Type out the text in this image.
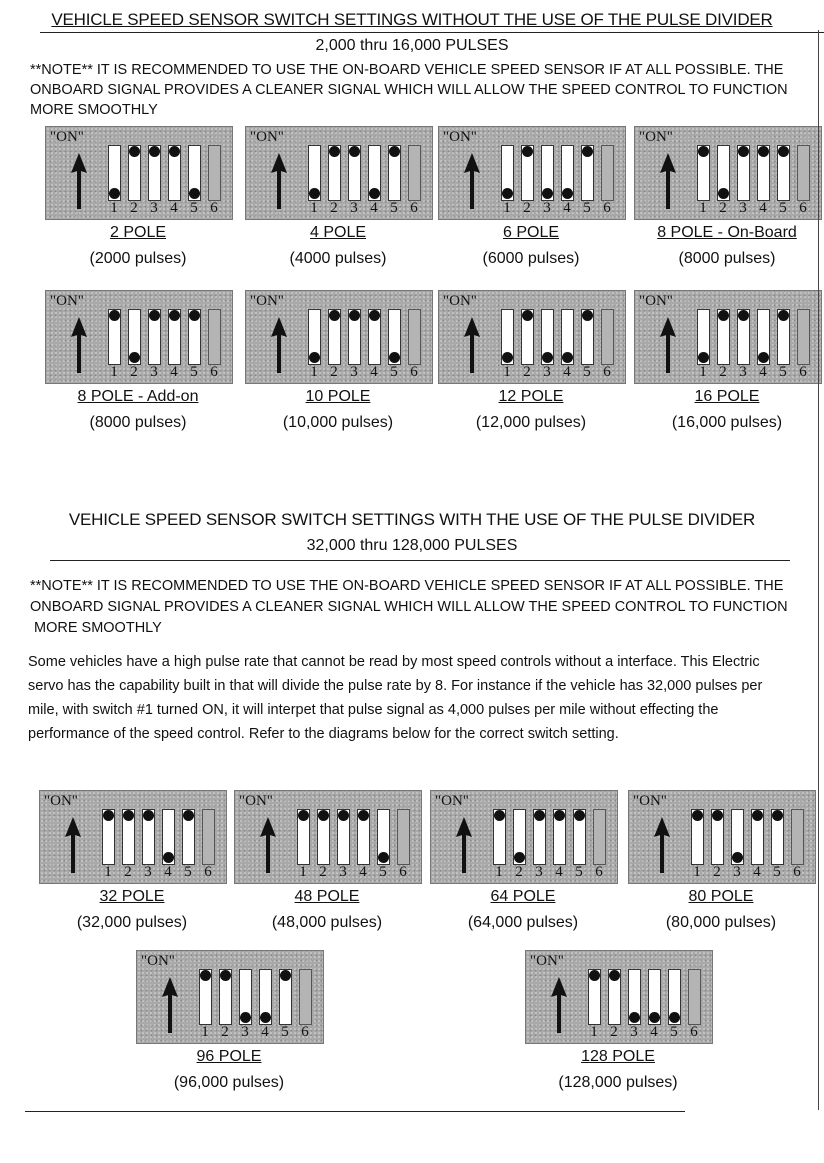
VEHICLE SPEED SENSOR SWITCH SETTINGS WITHOUT THE USE OF THE PULSE DIVIDER
2,000 thru 16,000 PULSES
**NOTE** IT IS RECOMMENDED TO USE THE ON-BOARD VEHICLE SPEED SENSOR IF AT ALL POSSIBLE. THE
ONBOARD SIGNAL PROVIDES A CLEANER SIGNAL WHICH WILL ALLOW THE SPEED CONTROL TO FUNCTION
MORE SMOOTHLY
"ON"
1 2 3 4 5 6
2 POLE
(2000 pulses)
"ON"
1 2 3 4 5 6
4 POLE
(4000 pulses)
"ON"
1 2 3 4 5 6
6 POLE
(6000 pulses)
"ON"
1 2 3 4 5 6
8 POLE - On-Board
(8000 pulses)
"ON"
1 2 3 4 5 6
8 POLE - Add-on
(8000 pulses)
"ON"
1 2 3 4 5 6
10 POLE
(10,000 pulses)
"ON"
1 2 3 4 5 6
12 POLE
(12,000 pulses)
"ON"
1 2 3 4 5 6
16 POLE
(16,000 pulses)
VEHICLE SPEED SENSOR SWITCH SETTINGS WITH THE USE OF THE PULSE DIVIDER
32,000 thru 128,000 PULSES
**NOTE** IT IS RECOMMENDED TO USE THE ON-BOARD VEHICLE SPEED SENSOR IF AT ALL POSSIBLE. THE
ONBOARD SIGNAL PROVIDES A CLEANER SIGNAL WHICH WILL ALLOW THE SPEED CONTROL TO FUNCTION
MORE SMOOTHLY
Some vehicles have a high pulse rate that cannot be read by most speed controls without a interface. This Electric
servo has the capability built in that will divide the pulse rate by 8. For instance if the vehicle has 32,000 pulses per
mile, with switch #1 turned ON, it will interpet that pulse signal as 4,000 pulses per mile without effecting the
performance of the speed control. Refer to the diagrams below for the correct switch setting.
"ON"
1 2 3 4 5 6
32 POLE
(32,000 pulses)
"ON"
1 2 3 4 5 6
48 POLE
(48,000 pulses)
"ON"
1 2 3 4 5 6
64 POLE
(64,000 pulses)
"ON"
1 2 3 4 5 6
80 POLE
(80,000 pulses)
"ON"
1 2 3 4 5 6
96 POLE
(96,000 pulses)
"ON"
1 2 3 4 5 6
128 POLE
(128,000 pulses)
